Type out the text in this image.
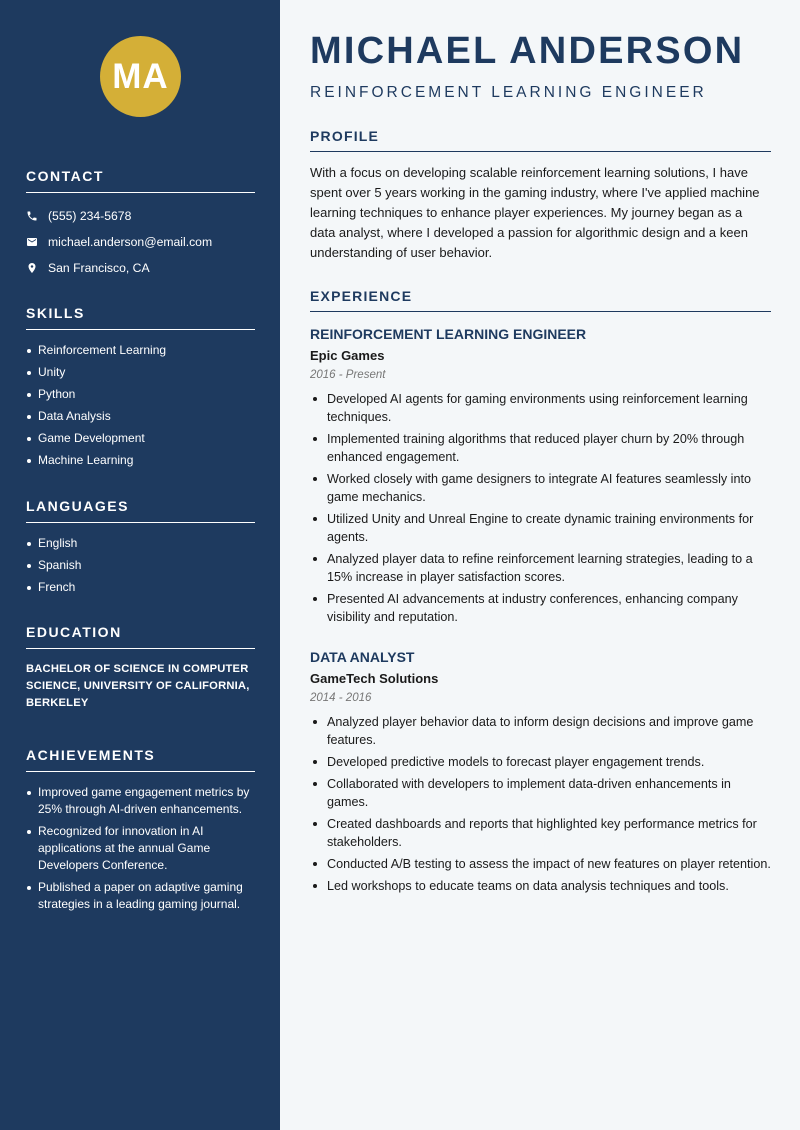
MA
CONTACT
(555) 234-5678
michael.anderson@email.com
San Francisco, CA
SKILLS
Reinforcement Learning
Unity
Python
Data Analysis
Game Development
Machine Learning
LANGUAGES
English
Spanish
French
EDUCATION
BACHELOR OF SCIENCE IN COMPUTER SCIENCE, UNIVERSITY OF CALIFORNIA, BERKELEY
ACHIEVEMENTS
Improved game engagement metrics by 25% through AI-driven enhancements.
Recognized for innovation in AI applications at the annual Game Developers Conference.
Published a paper on adaptive gaming strategies in a leading gaming journal.
MICHAEL ANDERSON
REINFORCEMENT LEARNING ENGINEER
PROFILE
With a focus on developing scalable reinforcement learning solutions, I have spent over 5 years working in the gaming industry, where I've applied machine learning techniques to enhance player experiences. My journey began as a data analyst, where I developed a passion for algorithmic design and a keen understanding of user behavior.
EXPERIENCE
REINFORCEMENT LEARNING ENGINEER
Epic Games
2016 - Present
Developed AI agents for gaming environments using reinforcement learning techniques.
Implemented training algorithms that reduced player churn by 20% through enhanced engagement.
Worked closely with game designers to integrate AI features seamlessly into game mechanics.
Utilized Unity and Unreal Engine to create dynamic training environments for agents.
Analyzed player data to refine reinforcement learning strategies, leading to a 15% increase in player satisfaction scores.
Presented AI advancements at industry conferences, enhancing company visibility and reputation.
DATA ANALYST
GameTech Solutions
2014 - 2016
Analyzed player behavior data to inform design decisions and improve game features.
Developed predictive models to forecast player engagement trends.
Collaborated with developers to implement data-driven enhancements in games.
Created dashboards and reports that highlighted key performance metrics for stakeholders.
Conducted A/B testing to assess the impact of new features on player retention.
Led workshops to educate teams on data analysis techniques and tools.
